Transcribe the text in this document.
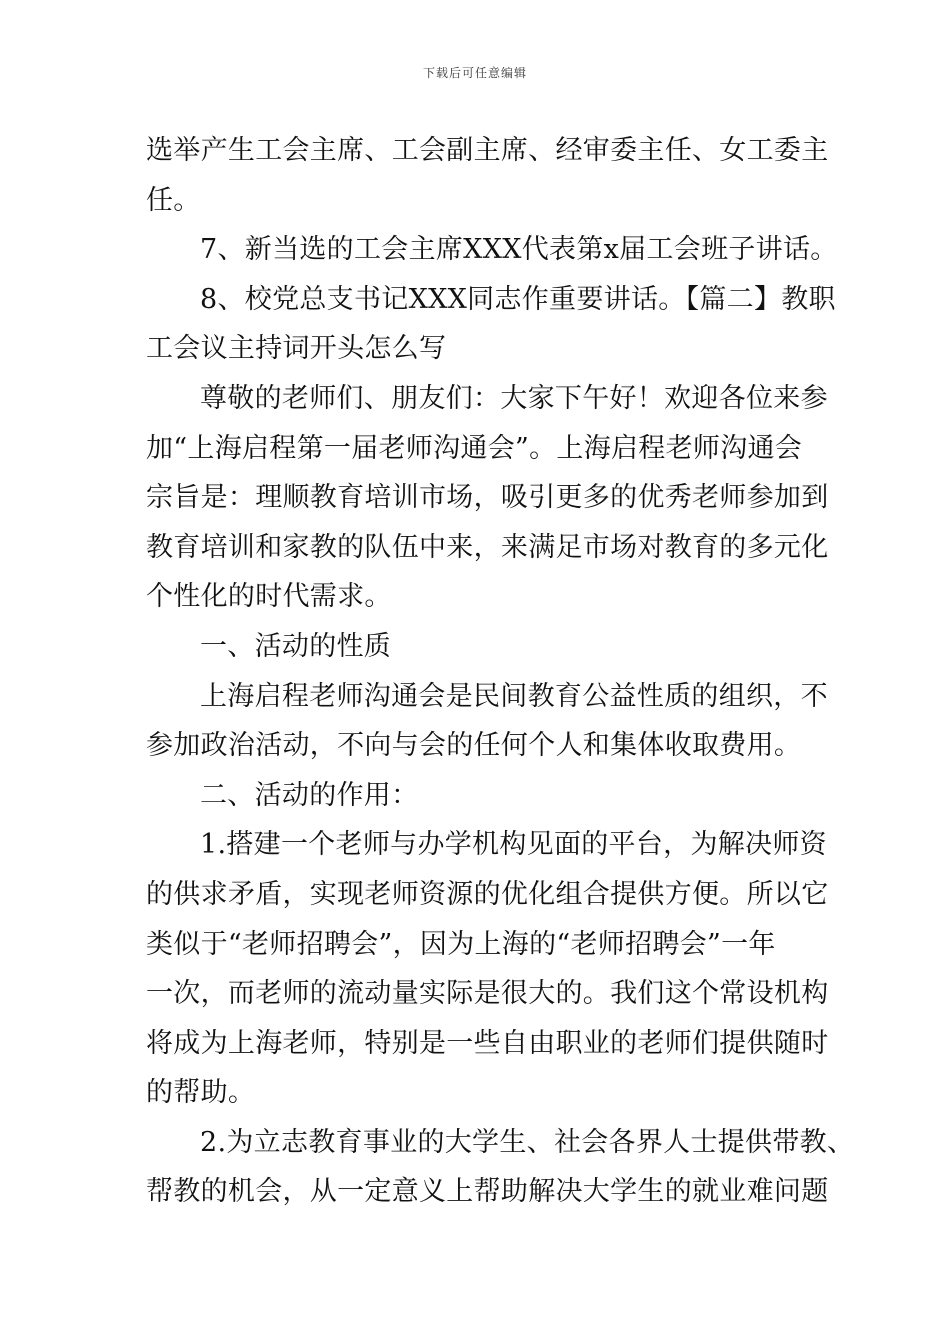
下载后可任意编辑
选举产生工会主席、工会副主席、经审委主任、女工委主
任。
7、新当选的工会主席XXX代表第x届工会班子讲话。
8、校党总支书记XXX同志作重要讲话。【篇二】教职
工会议主持词开头怎么写
尊敬的老师们、朋友们：大家下午好！欢迎各位来参
加“上海启程第一届老师沟通会”。上海启程老师沟通会
宗旨是：理顺教育培训市场，吸引更多的优秀老师参加到
教育培训和家教的队伍中来，来满足市场对教育的多元化
个性化的时代需求。
一、活动的性质
上海启程老师沟通会是民间教育公益性质的组织，不
参加政治活动，不向与会的任何个人和集体收取费用。
二、活动的作用：
1.搭建一个老师与办学机构见面的平台，为解决师资
的供求矛盾，实现老师资源的优化组合提供方便。所以它
类似于“老师招聘会”，因为上海的“老师招聘会”一年
一次，而老师的流动量实际是很大的。我们这个常设机构
将成为上海老师，特别是一些自由职业的老师们提供随时
的帮助。
2.为立志教育事业的大学生、社会各界人士提供带教、
帮教的机会，从一定意义上帮助解决大学生的就业难问题
